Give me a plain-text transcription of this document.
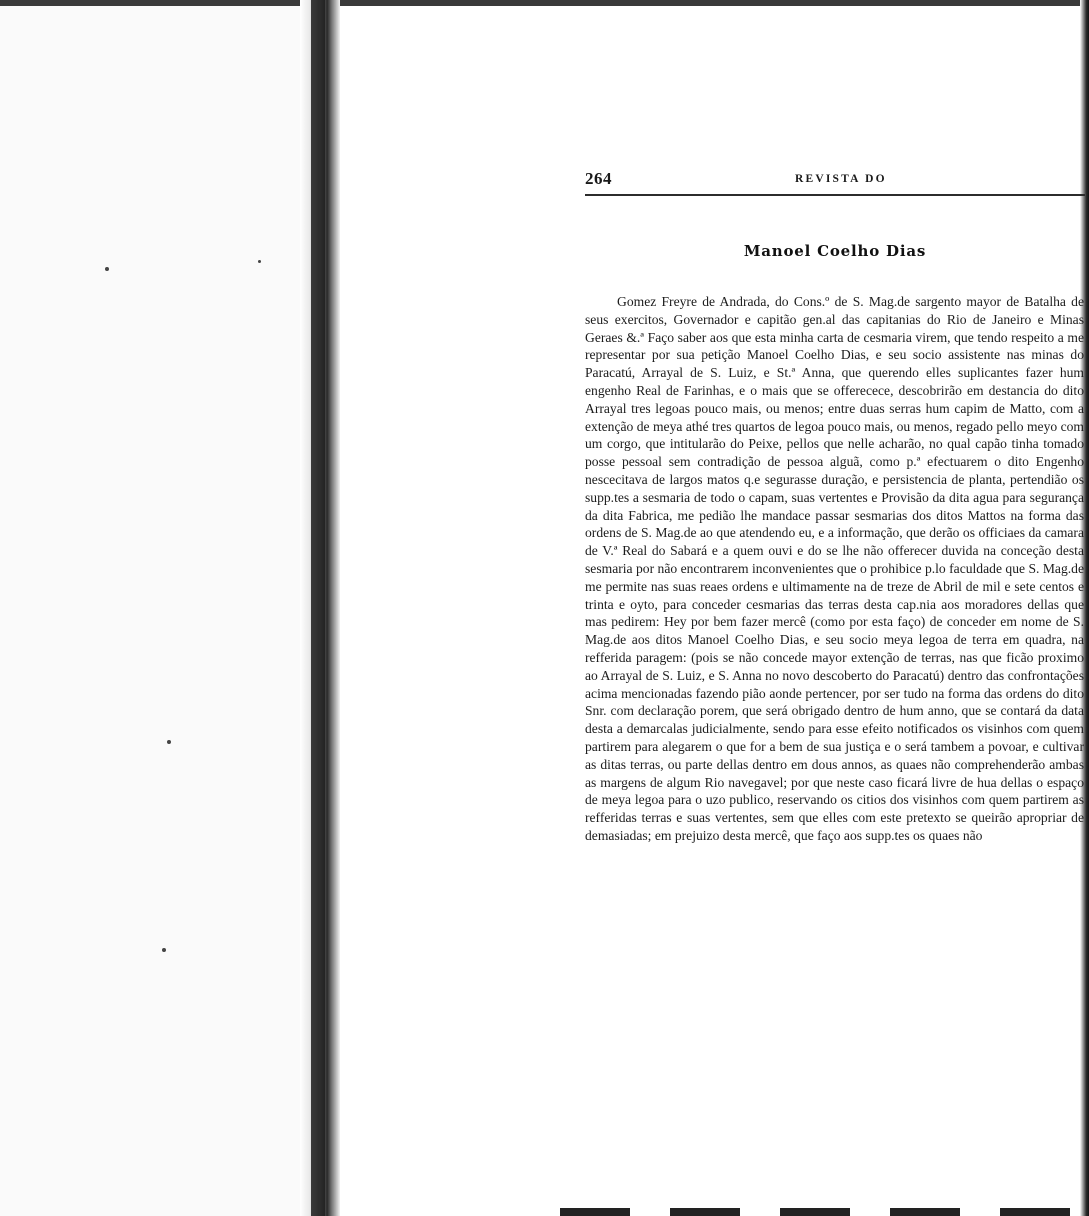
264	REVISTA DO
Manoel Coelho Dias

Gomez Freyre de Andrada, do Cons.º de S. Mag.de sargento mayor de Batalha de seus exercitos, Governador e capitão gen.al das capitanias do Rio de Janeiro e Minas Geraes &.ª Faço saber aos que esta minha carta de cesmaria virem, que tendo respeito a me representar por sua petição Manoel Coelho Dias, e seu socio assistente nas minas do Paracatú, Arrayal de S. Luiz, e St.ª Anna, que querendo elles suplicantes fazer hum engenho Real de Farinhas, e o mais que se offerecece, descobrirão em destancia do dito Arrayal tres legoas pouco mais, ou menos; entre duas serras hum capim de Matto, com a extenção de meya athé tres quartos de legoa pouco mais, ou menos, regado pello meyo com um corgo, que intitularão do Peixe, pellos que nelle acharão, no qual capão tinha tomado posse pessoal sem contradição de pessoa alguã, como p.ª efectuarem o dito Engenho nescecitava de largos matos q.e segurasse duração, e persistencia de planta, pertendião os supp.tes a sesmaria de todo o capam, suas vertentes e Provisão da dita agua para segurança da dita Fabrica, me pedião lhe mandace passar sesmarias dos ditos Mattos na forma das ordens de S. Mag.de ao que atendendo eu, e a informação, que derão os officiaes da camara de V.ª Real do Sabará e a quem ouvi e do se lhe não offerecer duvida na conceção desta sesmaria por não encontrarem inconvenientes que o prohibice p.lo faculdade que S. Mag.de me permite nas suas reaes ordens e ultimamente na de treze de Abril de mil e sete centos e trinta e oyto, para conceder cesmarias das terras desta cap.nia aos moradores dellas que mas pedirem: Hey por bem fazer mercê (como por esta faço) de conceder em nome de S. Mag.de aos ditos Manoel Coelho Dias, e seu socio meya legoa de terra em quadra, na refferida paragem: (pois se não concede mayor extenção de terras, nas que ficão proximo ao Arrayal de S. Luiz, e S. Anna no novo descoberto do Paracatú) dentro das confrontações acima mencionadas fazendo pião aonde pertencer, por ser tudo na forma das ordens do dito Snr. com declaração porem, que será obrigado dentro de hum anno, que se contará da data desta a demarcalas judicialmente, sendo para esse efeito notificados os visinhos com quem partirem para alegarem o que for a bem de sua justiça e o será tambem a povoar, e cultivar as ditas terras, ou parte dellas dentro em dous annos, as quaes não comprehenderão ambas as margens de algum Rio navegavel; por que neste caso ficará livre de hua dellas o espaço de meya legoa para o uzo publico, reservando os citios dos visinhos com quem partirem as refferidas terras e suas vertentes, sem que elles com este pretexto se queirão apropriar de demasiadas; em prejuizo desta mercê, que faço aos supp.tes os quaes não
